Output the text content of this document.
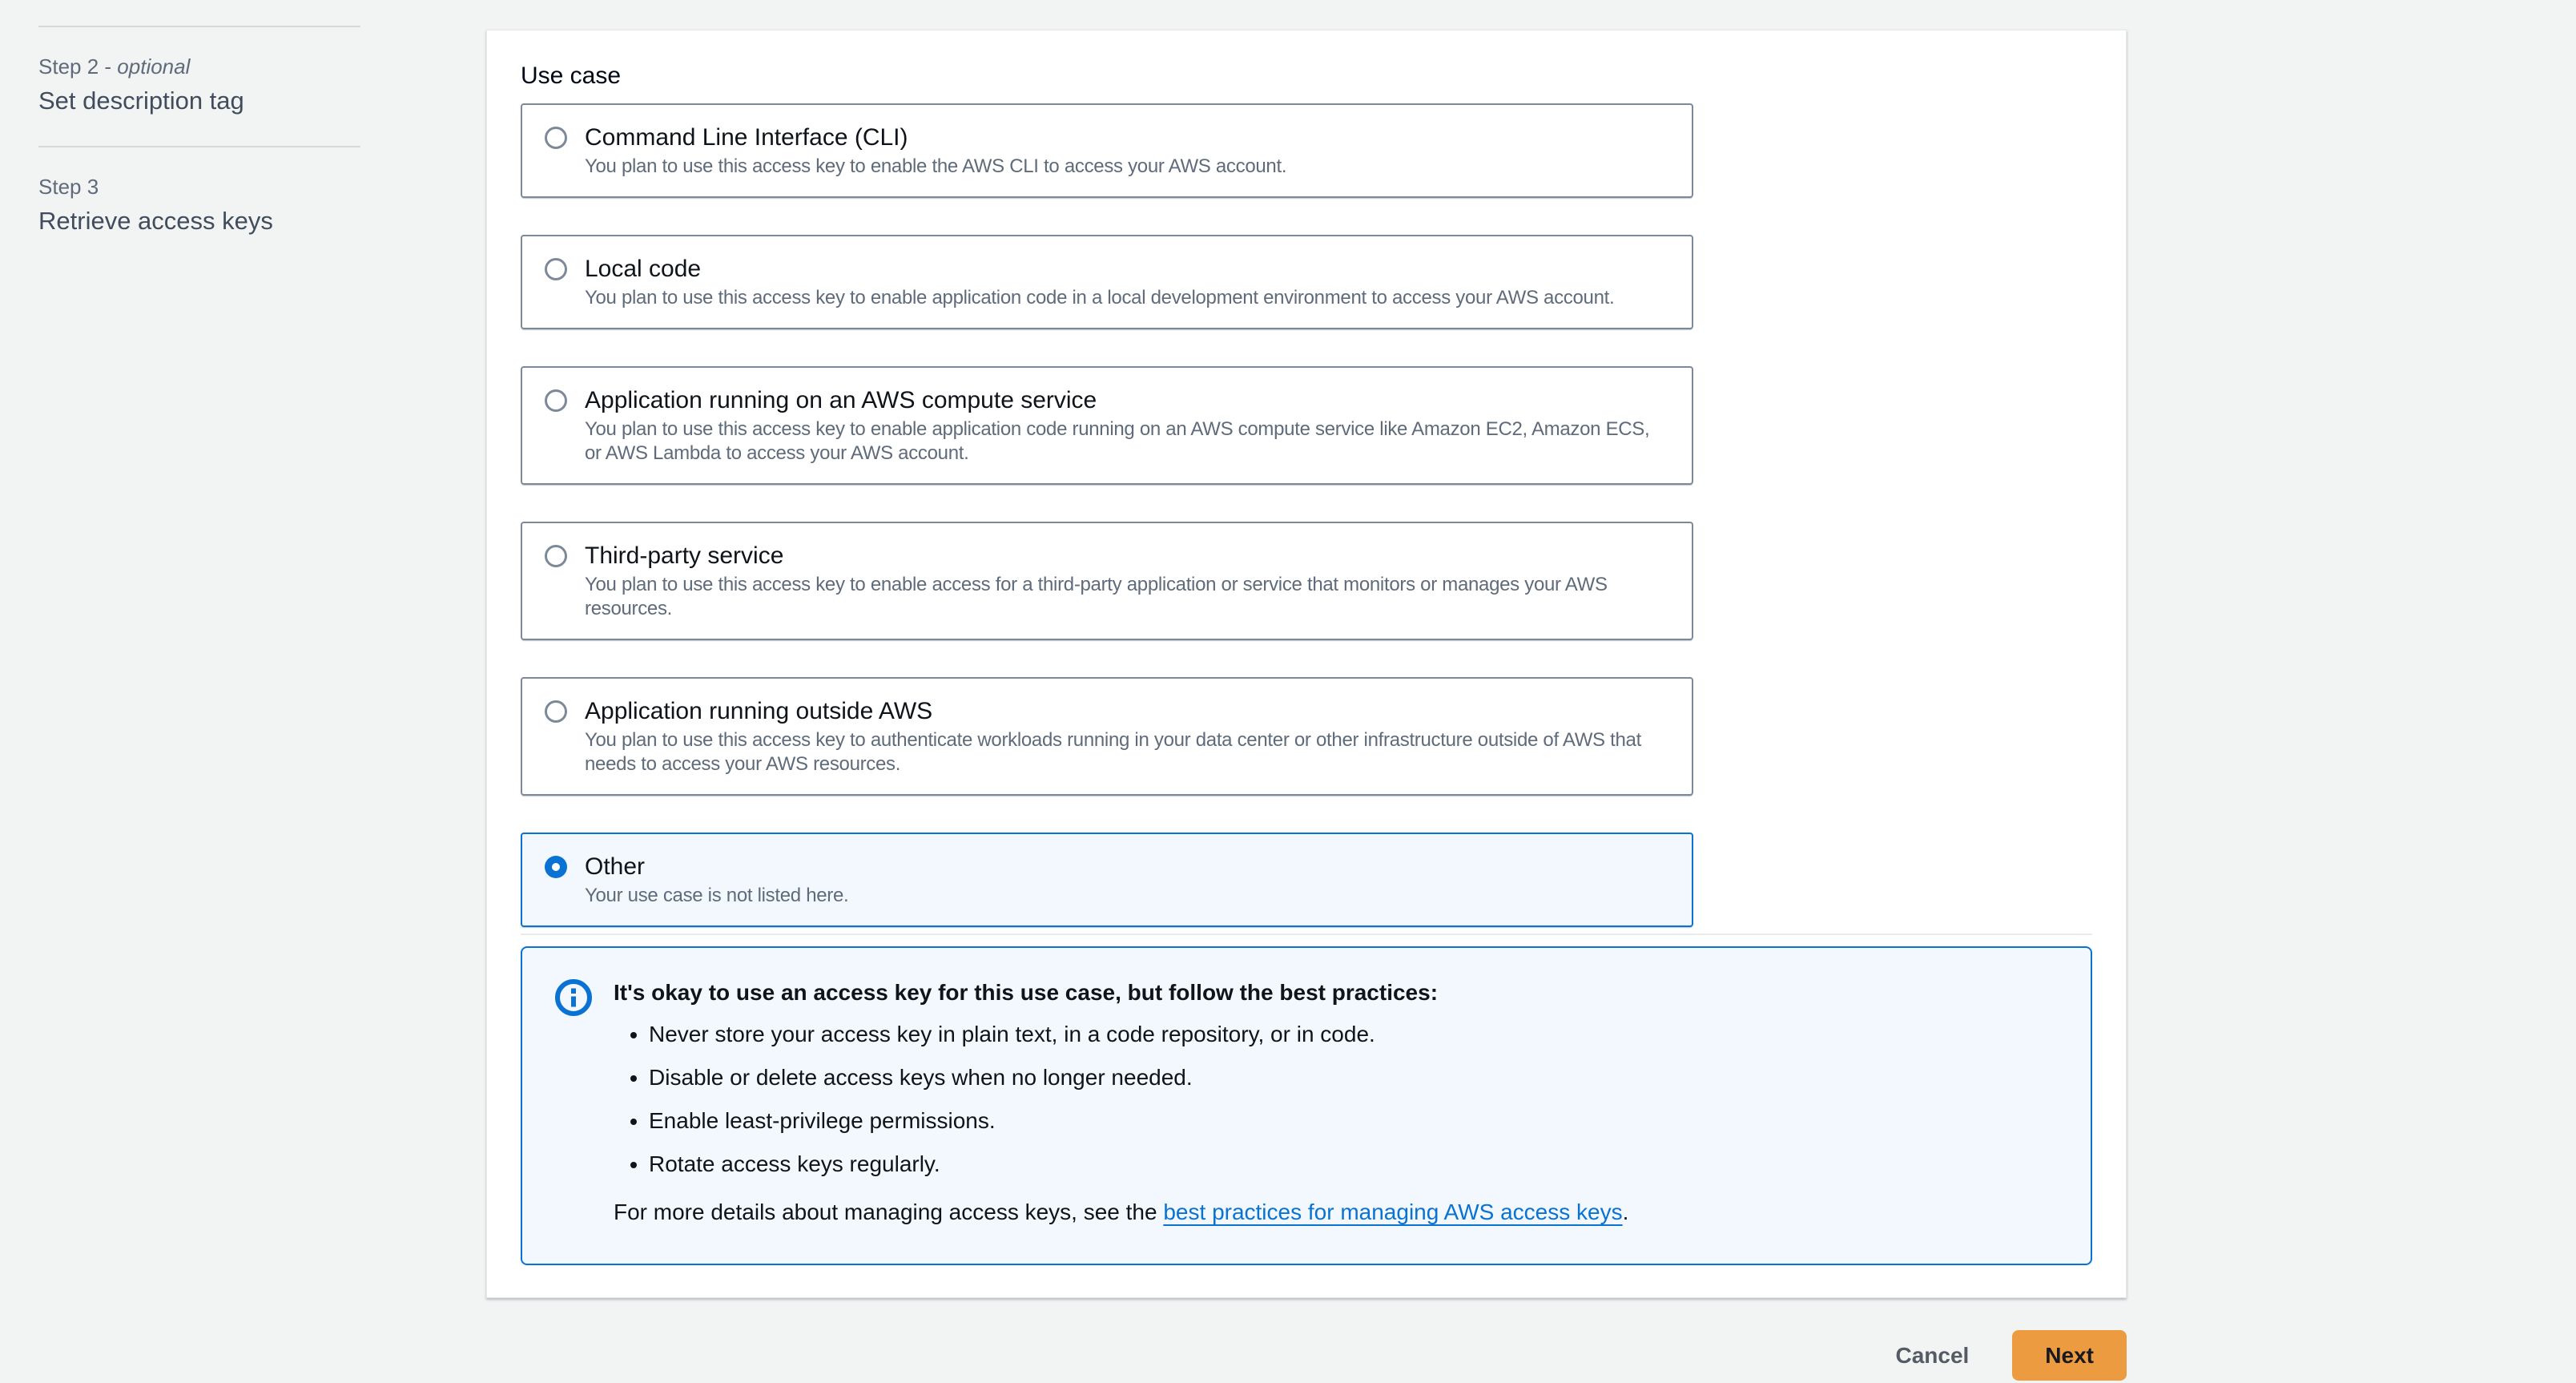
Step 2 - optional
Set description tag
Step 3
Retrieve access keys
Use case
Command Line Interface (CLI)
You plan to use this access key to enable the AWS CLI to access your AWS account.
Local code
You plan to use this access key to enable application code in a local development environment to access your AWS account.
Application running on an AWS compute service
You plan to use this access key to enable application code running on an AWS compute service like Amazon EC2, Amazon ECS, or AWS Lambda to access your AWS account.
Third-party service
You plan to use this access key to enable access for a third-party application or service that monitors or manages your AWS resources.
Application running outside AWS
You plan to use this access key to authenticate workloads running in your data center or other infrastructure outside of AWS that needs to access your AWS resources.
Other
Your use case is not listed here.
It's okay to use an access key for this use case, but follow the best practices:
• Never store your access key in plain text, in a code repository, or in code.
• Disable or delete access keys when no longer needed.
• Enable least-privilege permissions.
• Rotate access keys regularly.

For more details about managing access keys, see the best practices for managing AWS access keys.

Cancel	Next
